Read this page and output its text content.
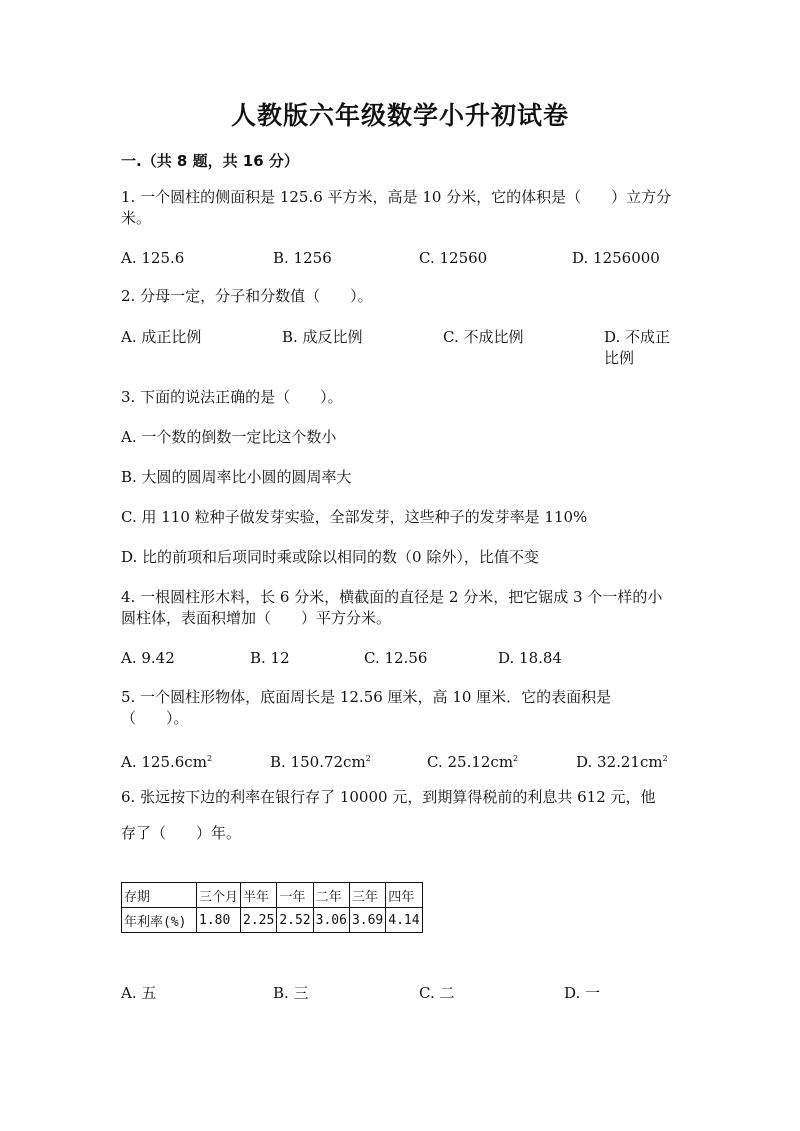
人教版六年级数学小升初试卷
一.（共 8 题，共 16 分）
1. 一个圆柱的侧面积是 125.6 平方米，高是 10 分米，它的体积是（　　）立方分米。
A. 125.6	B. 1256	C. 12560	D. 1256000
2. 分母一定，分子和分数值（　　）。
A. 成正比例	B. 成反比例	C. 不成比例	D. 不成正比例
3. 下面的说法正确的是（　　）。
A. 一个数的倒数一定比这个数小
B. 大圆的圆周率比小圆的圆周率大
C. 用 110 粒种子做发芽实验，全部发芽，这些种子的发芽率是 110%
D. 比的前项和后项同时乘或除以相同的数（0 除外），比值不变
4. 一根圆柱形木料，长 6 分米，横截面的直径是 2 分米，把它锯成 3 个一样的小圆柱体，表面积增加（　　）平方分米。
A. 9.42	B. 12	C. 12.56	D. 18.84
5. 一个圆柱形物体，底面周长是 12.56 厘米，高 10 厘米．它的表面积是（　　）。
A. $125.6cm^2$	B. $150.72cm^2$	C. $25.12cm^2$	D. $32.21cm^2$
6. 张远按下边的利率在银行存了 10000 元，到期算得税前的利息共 612 元，他
存了（　　）年。
存期	三个月	半年	一年	二年	三年	四年
年利率(%)	1.80	2.25	2.52	3.06	3.69	4.14
A. 五	B. 三	C. 二	D. 一
